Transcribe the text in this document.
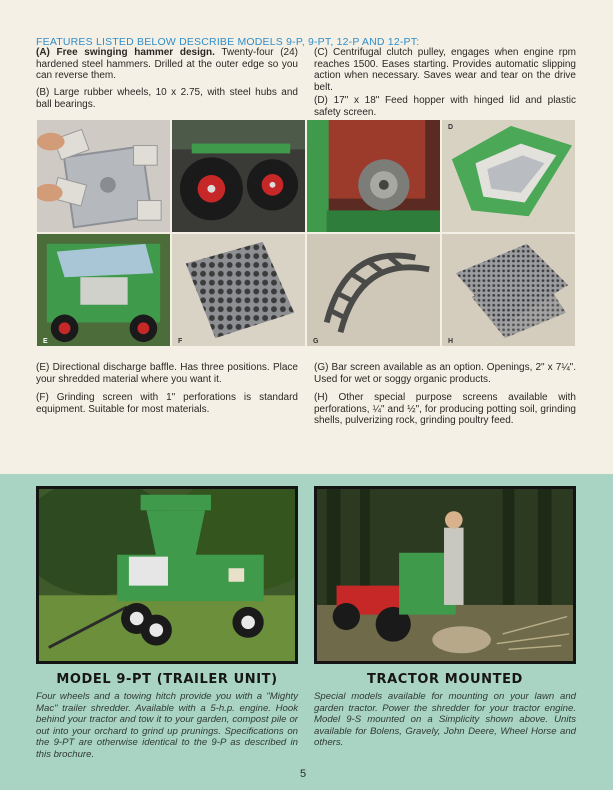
FEATURES LISTED BELOW DESCRIBE MODELS 9-P, 9-PT, 12-P AND 12-PT:

(A) Free swinging hammer design. Twenty-four (24) hardened steel hammers. Drilled at the outer edge so you can reverse them.

(B) Large rubber wheels, 10 x 2.75, with steel hubs and ball bearings.

(C) Centrifugal clutch pulley, engages when engine rpm reaches 1500. Eases starting. Provides automatic slipping action when necessary. Saves wear and tear on the drive belt.

(D) 17" x 18" Feed hopper with hinged lid and plastic safety screen.

D
E	F	G	H

(E) Directional discharge baffle. Has three positions. Place your shredded material where you want it.

(F) Grinding screen with 1" perforations is standard equipment. Suitable for most materials.

(G) Bar screen available as an option. Openings, 2" x 7¼". Used for wet or soggy organic products.

(H) Other special purpose screens available with perforations, ¼" and ½", for producing potting soil, grinding shells, pulverizing rock, grinding poultry feed.

MODEL 9-PT (TRAILER UNIT)	TRACTOR MOUNTED

Four wheels and a towing hitch provide you with a "Mighty Mac" trailer shredder. Available with a 5-h.p. engine. Hook behind your tractor and tow it to your garden, compost pile or out into your orchard to grind up prunings. Specifications on the 9-PT are otherwise identical to the 9-P as described in this brochure.

Special models available for mounting on your lawn and garden tractor. Power the shredder for your tractor engine. Model 9-S mounted on a Simplicity shown above. Units available for Bolens, Gravely, John Deere, Wheel Horse and others.

5
